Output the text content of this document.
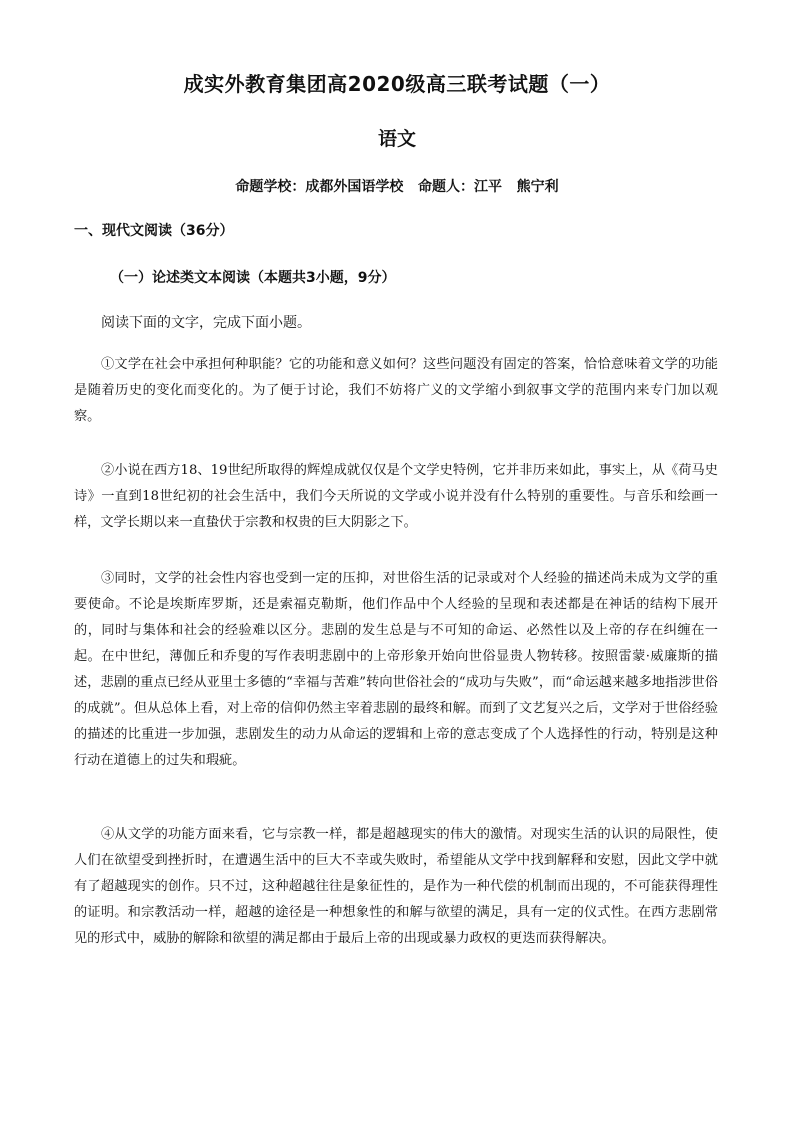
成实外教育集团高2020级高三联考试题（一）
语文
命题学校：成都外国语学校   命题人：江平   熊宁利
一、现代文阅读（36分）
（一）论述类文本阅读（本题共3小题，9分）
阅读下面的文字，完成下面小题。

①文学在社会中承担何种职能？它的功能和意义如何？这些问题没有固定的答案，恰恰意味着文学的功能是随着历史的变化而变化的。为了便于讨论，我们不妨将广义的文学缩小到叙事文学的范围内来专门加以观察。

②小说在西方18、19世纪所取得的辉煌成就仅仅是个文学史特例，它并非历来如此，事实上，从《荷马史诗》一直到18世纪初的社会生活中，我们今天所说的文学或小说并没有什么特别的重要性。与音乐和绘画一样，文学长期以来一直蛰伏于宗教和权贵的巨大阴影之下。

③同时，文学的社会性内容也受到一定的压抑，对世俗生活的记录或对个人经验的描述尚未成为文学的重要使命。不论是埃斯库罗斯，还是索福克勒斯，他们作品中个人经验的呈现和表述都是在神话的结构下展开的，同时与集体和社会的经验难以区分。悲剧的发生总是与不可知的命运、必然性以及上帝的存在纠缠在一起。在中世纪，薄伽丘和乔叟的写作表明悲剧中的上帝形象开始向世俗显贵人物转移。按照雷蒙·威廉斯的描述，悲剧的重点已经从亚里士多德的“幸福与苦难”转向世俗社会的“成功与失败”，而“命运越来越多地指涉世俗的成就”。但从总体上看，对上帝的信仰仍然主宰着悲剧的最终和解。而到了文艺复兴之后，文学对于世俗经验的描述的比重进一步加强，悲剧发生的动力从命运的逻辑和上帝的意志变成了个人选择性的行动，特别是这种行动在道德上的过失和瑕疵。

④从文学的功能方面来看，它与宗教一样，都是超越现实的伟大的激情。对现实生活的认识的局限性，使人们在欲望受到挫折时，在遭遇生活中的巨大不幸或失败时，希望能从文学中找到解释和安慰，因此文学中就有了超越现实的创作。只不过，这种超越往往是象征性的，是作为一种代偿的机制而出现的，不可能获得理性的证明。和宗教活动一样，超越的途径是一种想象性的和解与欲望的满足，具有一定的仪式性。在西方悲剧常见的形式中，威胁的解除和欲望的满足都由于最后上帝的出现或暴力政权的更迭而获得解决。
